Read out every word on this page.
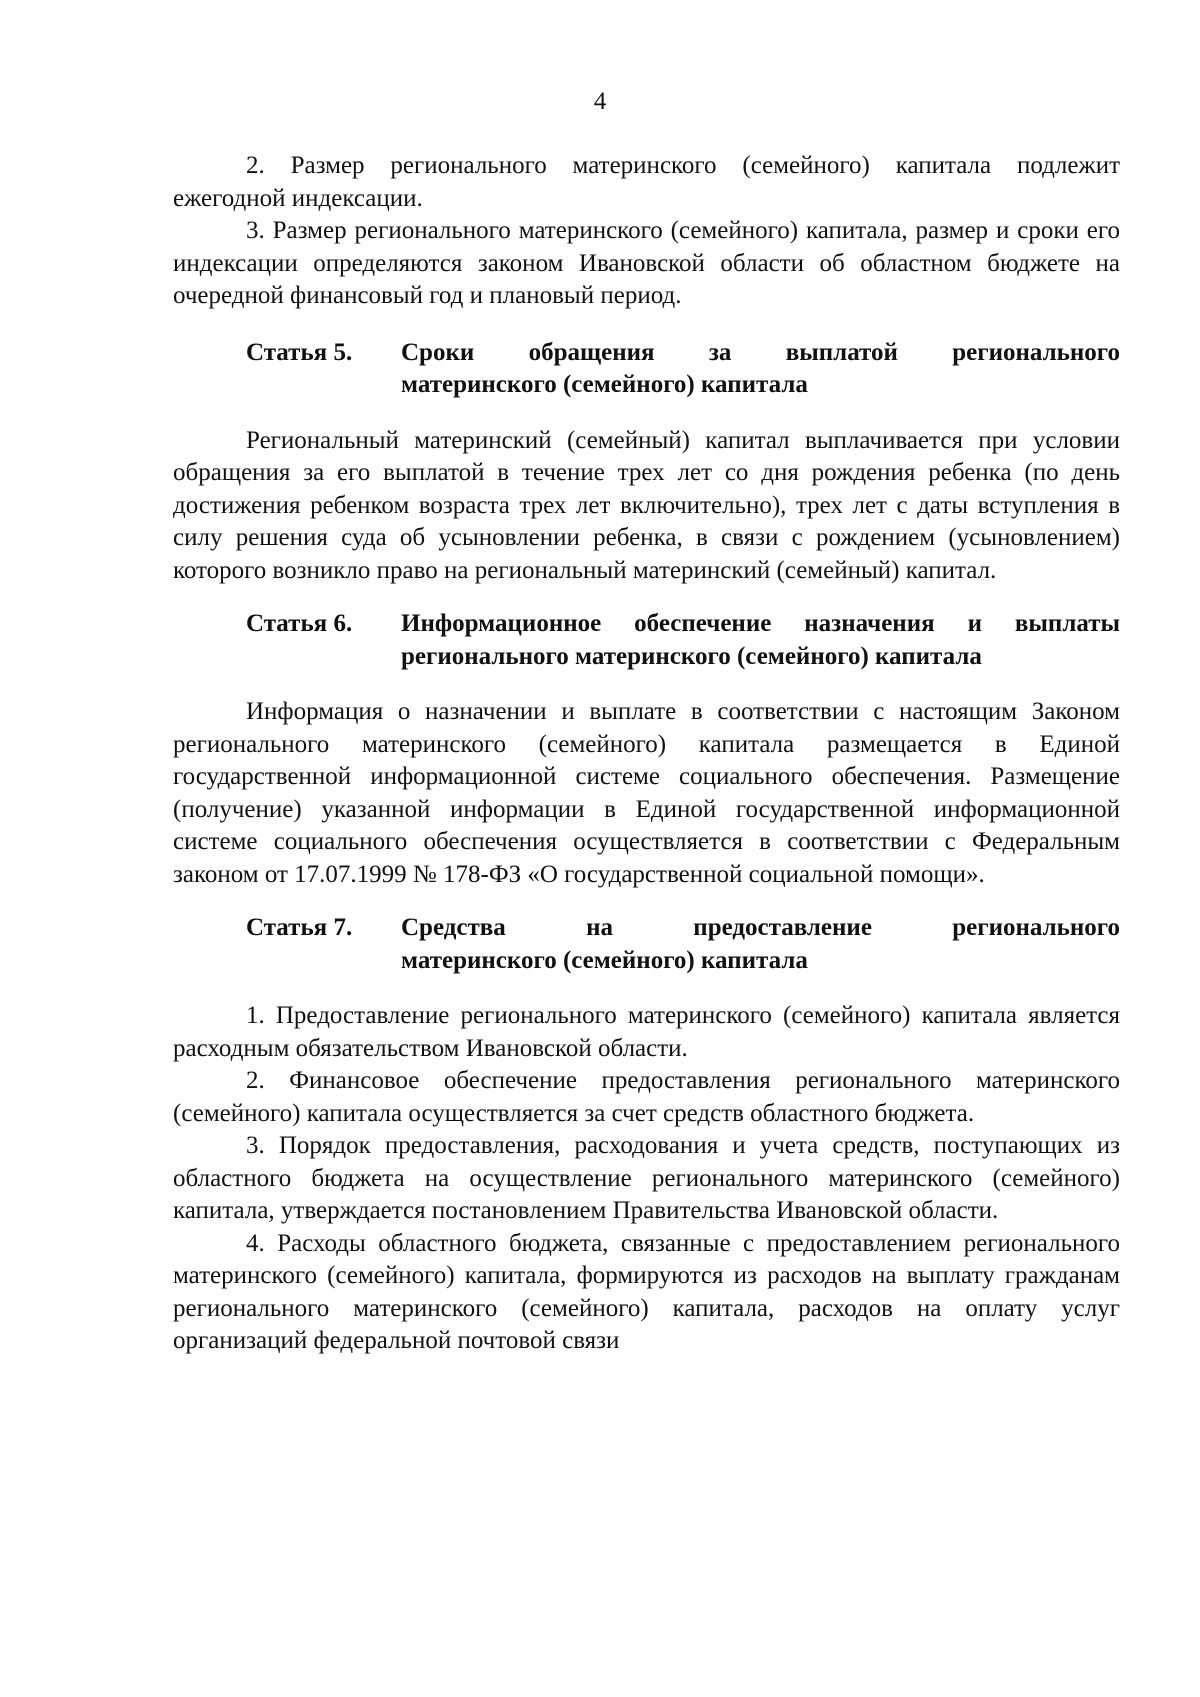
4

2. Размер регионального материнского (семейного) капитала подлежит ежегодной индексации.

3. Размер регионального материнского (семейного) капитала, размер и сроки его индексации определяются законом Ивановской области об областном бюджете на очередной финансовый год и плановый период.

Статья 5.	Сроки обращения за выплатой регионального
материнского (семейного) капитала

Региональный материнский (семейный) капитал выплачивается при условии обращения за его выплатой в течение трех лет со дня рождения ребенка (по день достижения ребенком возраста трех лет включительно), трех лет с даты вступления в силу решения суда об усыновлении ребенка, в связи с рождением (усыновлением) которого возникло право на региональный материнский (семейный) капитал.

Статья 6.	Информационное обеспечение назначения и выплаты
регионального материнского (семейного) капитала

Информация о назначении и выплате в соответствии с настоящим Законом регионального материнского (семейного) капитала размещается в Единой государственной информационной системе социального обеспечения. Размещение (получение) указанной информации в Единой государственной информационной системе социального обеспечения осуществляется в соответствии с Федеральным законом от 17.07.1999 № 178-ФЗ «О государственной социальной помощи».

Статья 7.	Средства на предоставление регионального
материнского (семейного) капитала

1. Предоставление регионального материнского (семейного) капитала является расходным обязательством Ивановской области.

2. Финансовое обеспечение предоставления регионального материнского (семейного) капитала осуществляется за счет средств областного бюджета.

3. Порядок предоставления, расходования и учета средств, поступающих из областного бюджета на осуществление регионального материнского (семейного) капитала, утверждается постановлением Правительства Ивановской области.

4. Расходы областного бюджета, связанные с предоставлением регионального материнского (семейного) капитала, формируются из расходов на выплату гражданам регионального материнского (семейного) капитала, расходов на оплату услуг организаций федеральной почтовой связи
